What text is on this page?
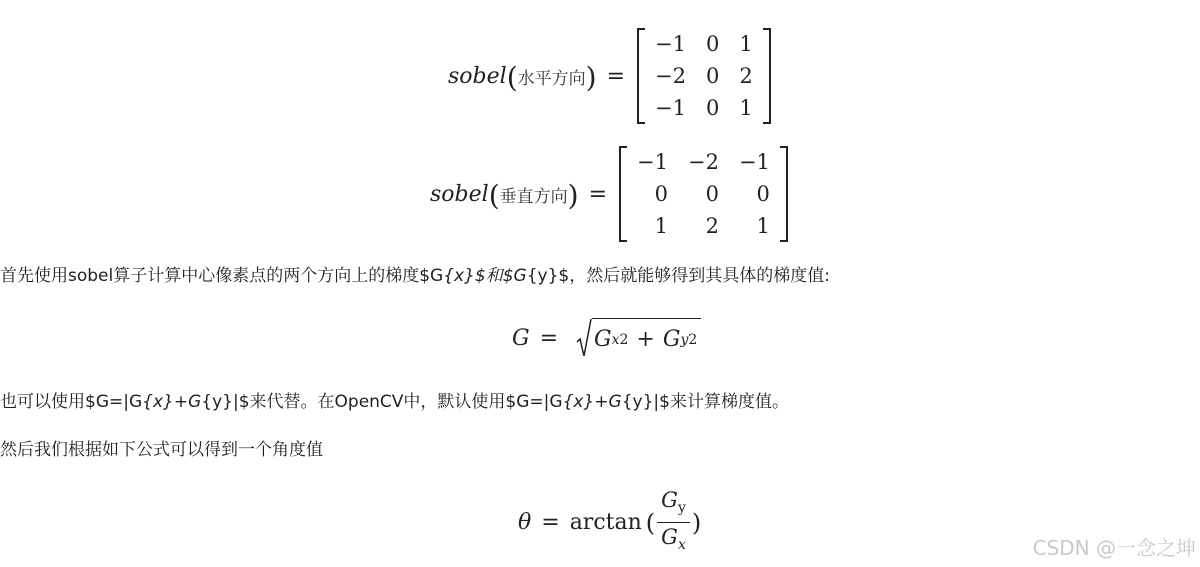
sobel ( 水平方向 ) =
−1	0	1
−2	0	2
−1	0	1
sobel ( 垂直方向 ) =
−1	−2	−1
0	0	0
1	2	1

首先使用sobel算子计算中心像素点的两个方向上的梯度$G{x}$和$G{y}$，然后就能够得到其具体的梯度值:

G = G x 2 + G y 2

也可以使用$G=|G{x}+G{y}|$来代替。在OpenCV中，默认使用$G=|G{x}+G{y}|$来计算梯度值。

然后我们根据如下公式可以得到一个角度值

θ = arctan ( $\frac{G_y}{G_x}$ )
CSDN @一念之坤
